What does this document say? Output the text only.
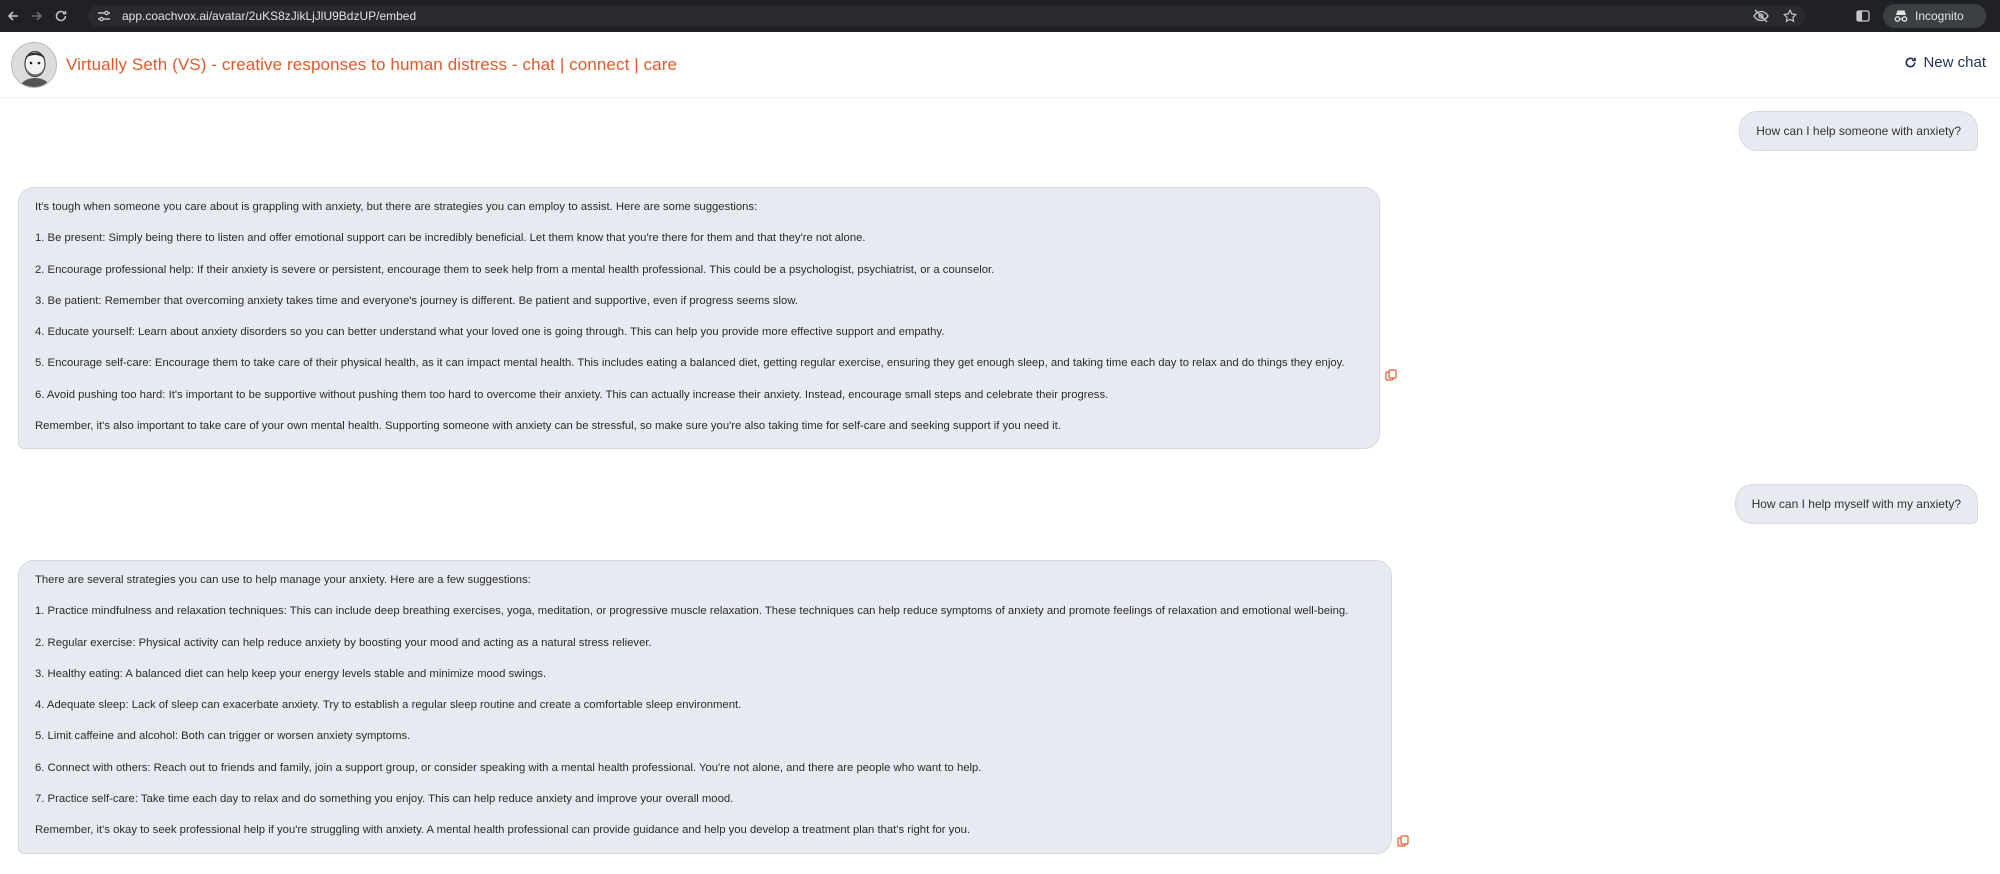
app.coachvox.ai/avatar/2uKS8zJikLjJlU9BdzUP/embed	Incognito
Virtually Seth (VS) - creative responses to human distress - chat | connect | care	New chat
How can I help someone with anxiety?

It's tough when someone you care about is grappling with anxiety, but there are strategies you can employ to assist. Here are some suggestions:

1. Be present: Simply being there to listen and offer emotional support can be incredibly beneficial. Let them know that you're there for them and that they're not alone.

2. Encourage professional help: If their anxiety is severe or persistent, encourage them to seek help from a mental health professional. This could be a psychologist, psychiatrist, or a counselor.

3. Be patient: Remember that overcoming anxiety takes time and everyone's journey is different. Be patient and supportive, even if progress seems slow.

4. Educate yourself: Learn about anxiety disorders so you can better understand what your loved one is going through. This can help you provide more effective support and empathy.

5. Encourage self-care: Encourage them to take care of their physical health, as it can impact mental health. This includes eating a balanced diet, getting regular exercise, ensuring they get enough sleep, and taking time each day to relax and do things they enjoy.

6. Avoid pushing too hard: It's important to be supportive without pushing them too hard to overcome their anxiety. This can actually increase their anxiety. Instead, encourage small steps and celebrate their progress.

Remember, it's also important to take care of your own mental health. Supporting someone with anxiety can be stressful, so make sure you're also taking time for self-care and seeking support if you need it.

How can I help myself with my anxiety?

There are several strategies you can use to help manage your anxiety. Here are a few suggestions:

1. Practice mindfulness and relaxation techniques: This can include deep breathing exercises, yoga, meditation, or progressive muscle relaxation. These techniques can help reduce symptoms of anxiety and promote feelings of relaxation and emotional well-being.

2. Regular exercise: Physical activity can help reduce anxiety by boosting your mood and acting as a natural stress reliever.

3. Healthy eating: A balanced diet can help keep your energy levels stable and minimize mood swings.

4. Adequate sleep: Lack of sleep can exacerbate anxiety. Try to establish a regular sleep routine and create a comfortable sleep environment.

5. Limit caffeine and alcohol: Both can trigger or worsen anxiety symptoms.

6. Connect with others: Reach out to friends and family, join a support group, or consider speaking with a mental health professional. You're not alone, and there are people who want to help.

7. Practice self-care: Take time each day to relax and do something you enjoy. This can help reduce anxiety and improve your overall mood.

Remember, it's okay to seek professional help if you're struggling with anxiety. A mental health professional can provide guidance and help you develop a treatment plan that's right for you.
